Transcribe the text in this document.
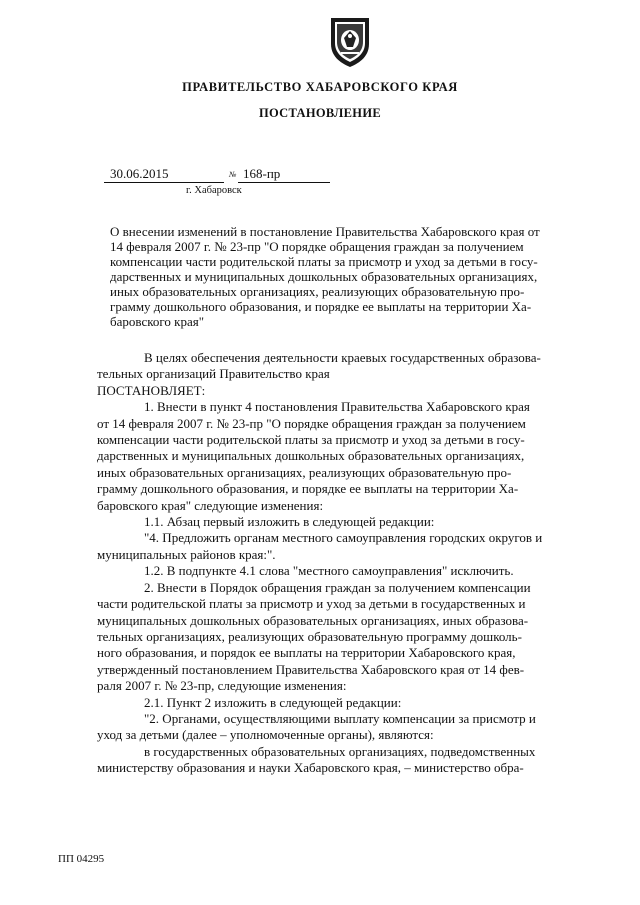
ПРАВИТЕЛЬСТВО ХАБАРОВСКОГО КРАЯ
ПОСТАНОВЛЕНИЕ
30.06.2015	№ 168-пр
г. Хабаровск
О внесении изменений в постановление Правительства Хабаровского края от
14 февраля 2007 г. № 23-пр "О порядке обращения граждан за получением
компенсации части родительской платы за присмотр и уход за детьми в госу-
дарственных и муниципальных дошкольных образовательных организациях,
иных образовательных организациях, реализующих образовательную про-
грамму дошкольного образования, и порядке ее выплаты на территории Ха-
баровского края"

В целях обеспечения деятельности краевых государственных образова-

тельных организаций Правительство края

ПОСТАНОВЛЯЕТ:

1. Внести в пункт 4 постановления Правительства Хабаровского края

от 14 февраля 2007 г. № 23-пр "О порядке обращения граждан за получением

компенсации части родительской платы за присмотр и уход за детьми в госу-

дарственных и муниципальных дошкольных образовательных организациях,

иных образовательных организациях, реализующих образовательную про-

грамму дошкольного образования, и порядке ее выплаты на территории Ха-

баровского края" следующие изменения:

1.1. Абзац первый изложить в следующей редакции:

"4. Предложить органам местного самоуправления городских округов и

муниципальных районов края:".

1.2. В подпункте 4.1 слова "местного самоуправления" исключить.

2. Внести в Порядок обращения граждан за получением компенсации

части родительской платы за присмотр и уход за детьми в государственных и

муниципальных дошкольных образовательных организациях, иных образова-

тельных организациях, реализующих образовательную программу дошколь-

ного образования, и порядок ее выплаты на территории Хабаровского края,

утвержденный постановлением Правительства Хабаровского края от 14 фев-

раля 2007 г. № 23-пр, следующие изменения:

2.1. Пункт 2 изложить в следующей редакции:

"2. Органами, осуществляющими выплату компенсации за присмотр и

уход за детьми (далее – уполномоченные органы), являются:

в государственных образовательных организациях, подведомственных

министерству образования и науки Хабаровского края, – министерство обра-

ПП 04295
